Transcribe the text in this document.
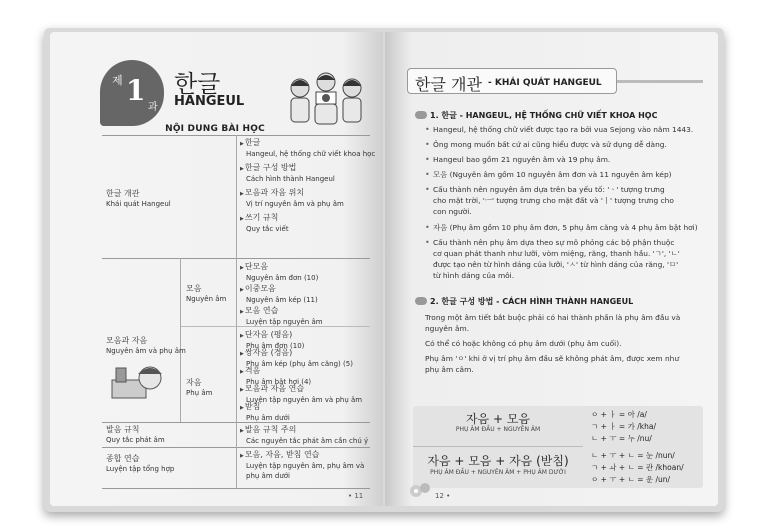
제 1
과
한글
HANGEUL
NỘI DUNG BÀI HỌC
한글 개관
Khái quát Hangeul
▶한글
Hangeul, hệ thống chữ viết khoa học
▶한글 구성 방법
Cách hình thành Hangeul
▶모음과 자음 위치
Vị trí nguyên âm và phụ âm
▶쓰기 규칙
Quy tắc viết
모음과 자음
Nguyên âm và phụ âm
모음
Nguyên âm
▶단모음
Nguyên âm đơn (10)
▶이중모음
Nguyên âm kép (11)
▶모음 연습
Luyện tập nguyên âm
자음
Phụ âm
▶단자음 (평음)
Phụ âm đơn (10)
▶쌍자음 (경음)
Phụ âm kép (phụ âm căng) (5)
▶격음
Phụ âm bật hơi (4)
▶모음과 자음 연습
Luyện tập nguyên âm và phụ âm
▶받침
Phụ âm dưới
발음 규칙
Quy tắc phát âm
▶발음 규칙 주의
Các nguyên tắc phát âm cần chú ý
종합 연습
Luyện tập tổng hợp
▶모음, 자음, 받침 연습
Luyện tập nguyên âm, phụ âm và
phụ âm dưới
• 11
한글 개관 - KHÁI QUÁT HANGEUL
1. 한글 - HANGEUL, HỆ THỐNG CHỮ VIẾT KHOA HỌC
• Hangeul, hệ thống chữ viết được tạo ra bởi vua Sejong vào năm 1443.
• Ông mong muốn bất cứ ai cũng hiểu được và sử dụng dễ dàng.
• Hangeul bao gồm 21 nguyên âm và 19 phụ âm.
• 모음 (Nguyên âm gồm 10 nguyên âm đơn và 11 nguyên âm kép)
• Cấu thành nên nguyên âm dựa trên ba yếu tố: 'ㆍ' tượng trưng
cho mặt trời, 'ㅡ' tượng trưng cho mặt đất và 'ㅣ' tượng trưng cho
con người.
• 자음 (Phụ âm gồm 10 phụ âm đơn, 5 phụ âm căng và 4 phụ âm bật hơi)
• Cấu thành nên phụ âm dựa theo sự mô phỏng các bộ phận thuộc
cơ quan phát thanh như lưỡi, vòm miệng, răng, thanh hầu. 'ㄱ', 'ㄴ'
được tạo nên từ hình dáng của lưỡi, 'ㅅ' từ hình dáng của răng, 'ㅁ'
từ hình dáng của môi.
2. 한글 구성 방법 - CÁCH HÌNH THÀNH HANGEUL
Trong một âm tiết bắt buộc phải có hai thành phần là phụ âm đầu và
nguyên âm.
Có thể có hoặc không có phụ âm dưới (phụ âm cuối).
Phụ âm 'ㅇ' khi ở vị trí phụ âm đầu sẽ không phát âm, được xem như
phụ âm câm.
자음 + 모음
PHỤ ÂM ĐẦU + NGUYÊN ÂM
자음 + 모음 + 자음 (받침)
PHỤ ÂM ĐẦU + NGUYÊN ÂM + PHỤ ÂM DƯỚI
ㅇ + ㅏ = 아 /a/
ㄱ + ㅏ = 가 /kha/
ㄴ + ㅜ = 누 /nu/
ㄴ + ㅜ + ㄴ = 눈 /nun/
ㄱ + ㅘ + ㄴ = 관 /khoan/
ㅇ + ㅜ + ㄴ = 운 /un/
12 •
